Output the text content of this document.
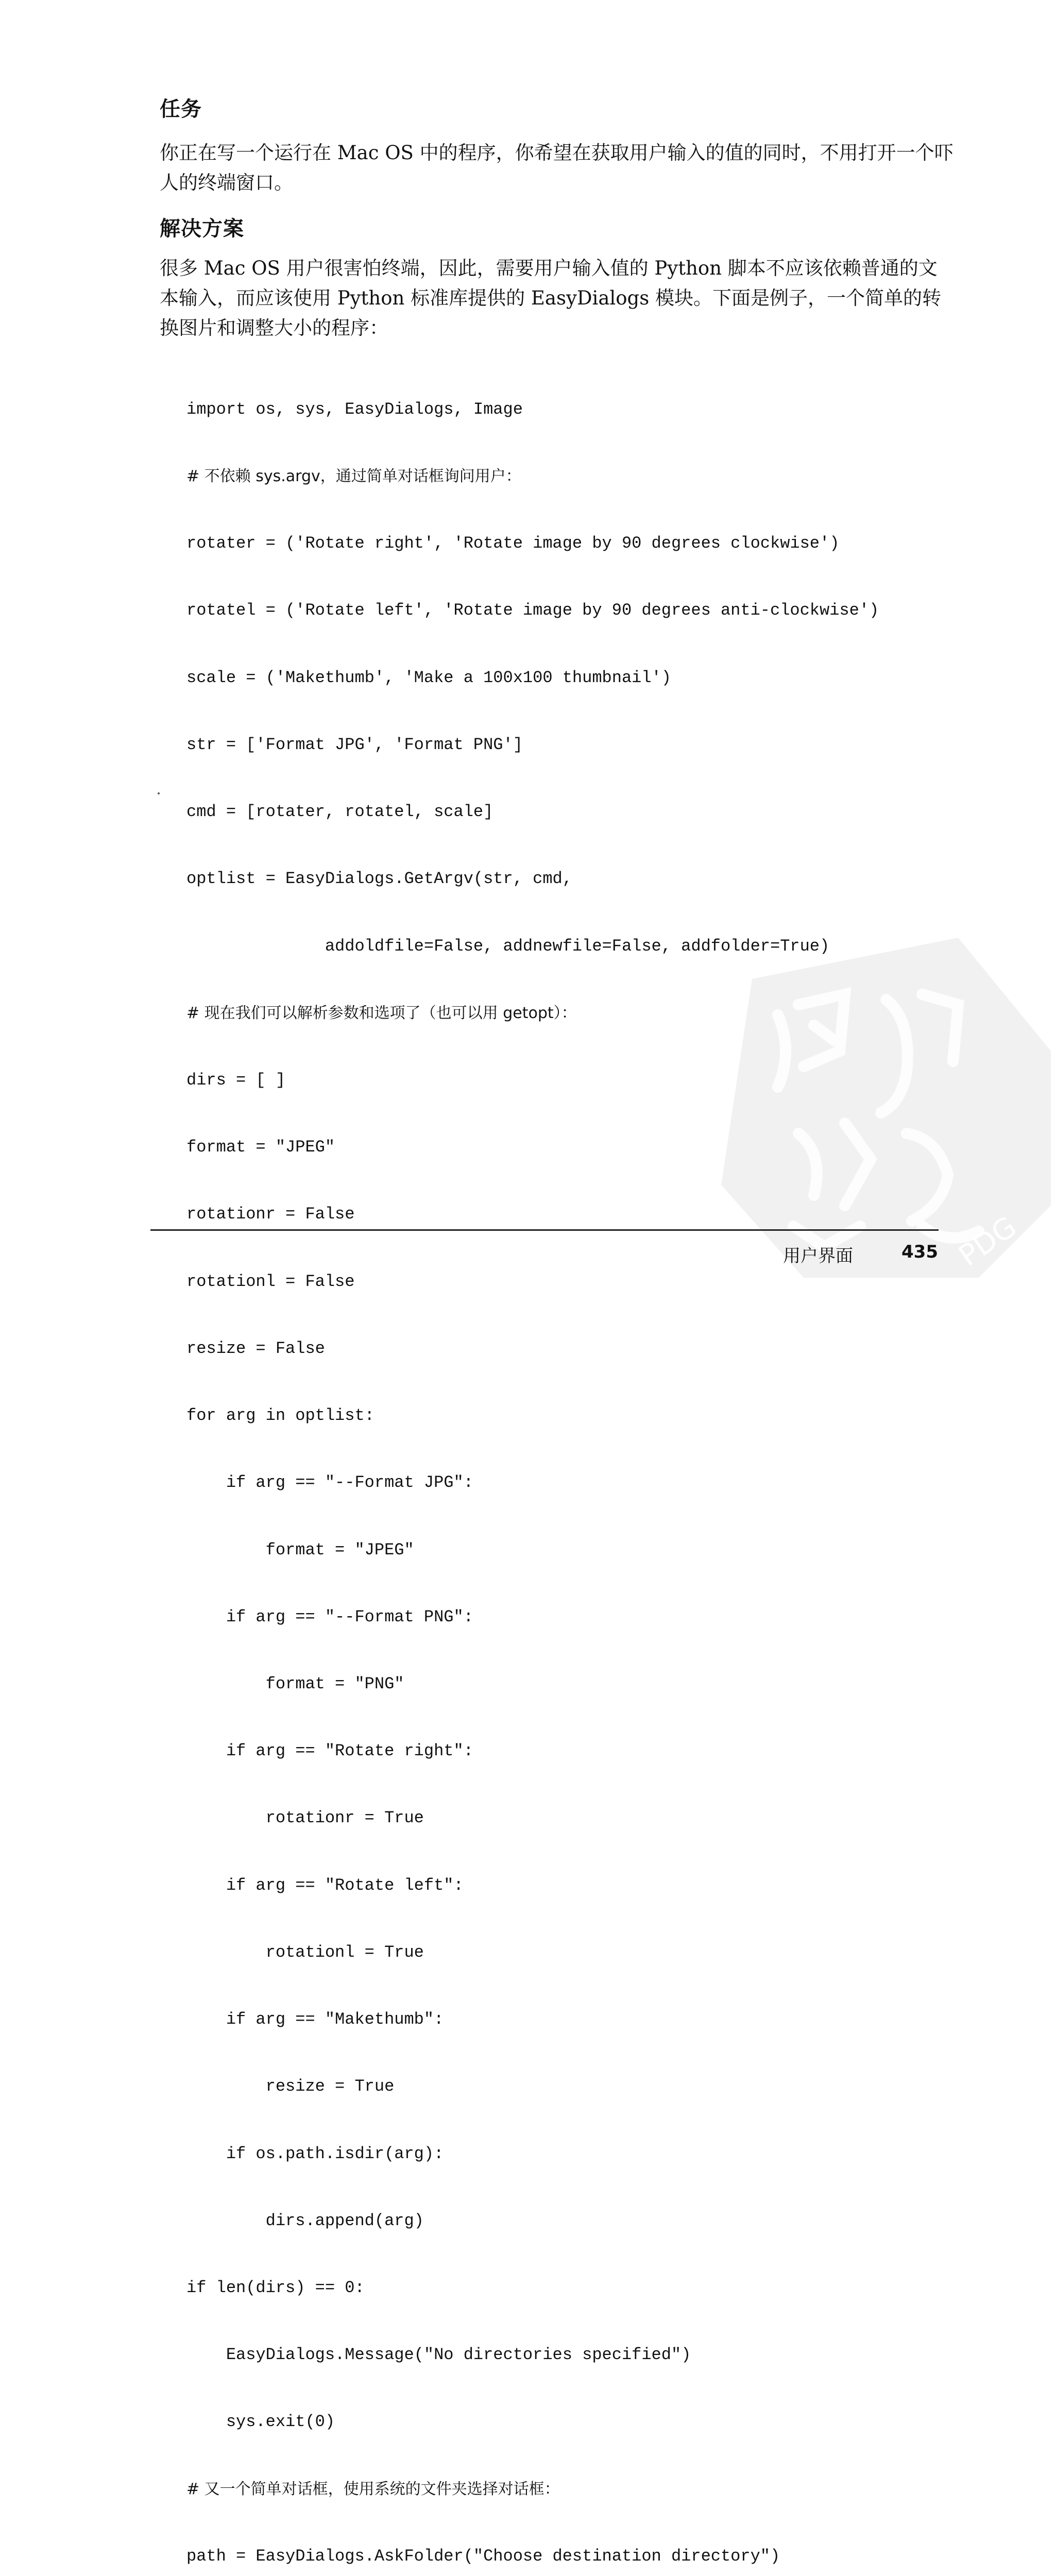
任务

你正在写一个运行在 Mac OS 中的程序，你希望在获取用户输入的值的同时，不用打开一个吓人的终端窗口。

解决方案

很多 Mac OS 用户很害怕终端，因此，需要用户输入值的 Python 脚本不应该依赖普通的文本输入，而应该使用 Python 标准库提供的 EasyDialogs 模块。下面是例子，一个简单的转换图片和调整大小的程序：

import os, sys, EasyDialogs, Image

# 不依赖 sys.argv，通过简单对话框询问用户：

rotater = ('Rotate right', 'Rotate image by 90 degrees clockwise')

rotatel = ('Rotate left', 'Rotate image by 90 degrees anti-clockwise')

scale = ('Makethumb', 'Make a 100x100 thumbnail')

str = ['Format JPG', 'Format PNG']

cmd = [rotater, rotatel, scale]

optlist = EasyDialogs.GetArgv(str, cmd,

addoldfile=False, addnewfile=False, addfolder=True)

# 现在我们可以解析参数和选项了（也可以用 getopt）：

dirs = [ ]

format = "JPEG"

rotationr = False

rotationl = False

resize = False

for arg in optlist:

if arg == "--Format JPG":

format = "JPEG"

if arg == "--Format PNG":

format = "PNG"

if arg == "Rotate right":

rotationr = True

if arg == "Rotate left":

rotationl = True

if arg == "Makethumb":

resize = True

if os.path.isdir(arg):

dirs.append(arg)

if len(dirs) == 0:

EasyDialogs.Message("No directories specified")

sys.exit(0)

# 又一个简单对话框，使用系统的文件夹选择对话框：

path = EasyDialogs.AskFolder("Choose destination directory")

PDG
用户界面	435
